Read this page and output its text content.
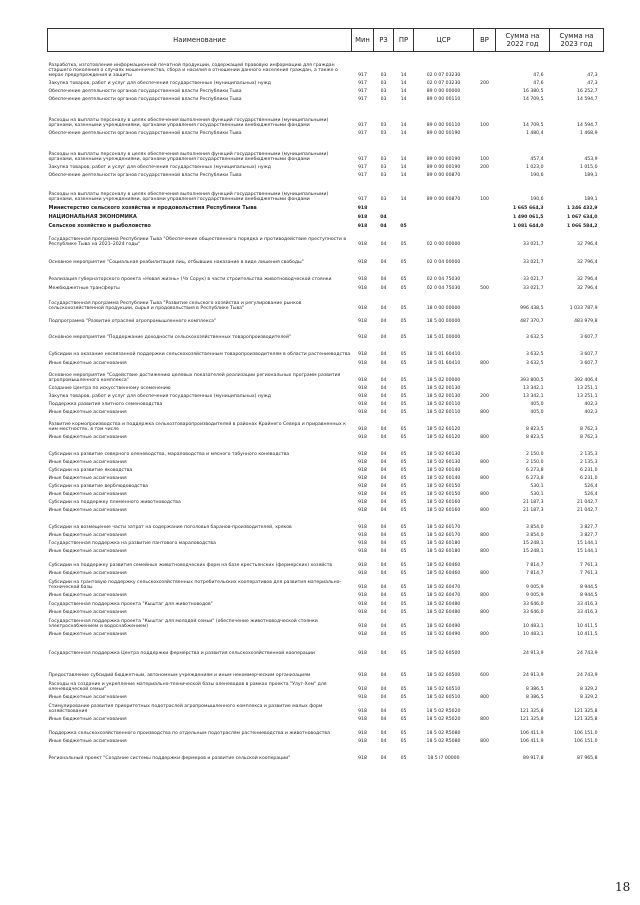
Наименование	Мин	РЗ	ПР	ЦСР	ВР	Сумма на 2022 год	Сумма на 2023 год
Разработка, изготовление информационной печатной продукции, содержащей правовую информацию для граждан старшего поколения о случаях мошенничества, сбора и насилия в отношении данного населения граждан, а также о мерах предупреждения и защиты	917	03	14	02 0 07 03230		47,6	47,3
Закупка товаров, работ и услуг для обеспечения государственных (муниципальных) нужд	917	03	14	02 0 07 03230	200	47,6	47,3
Обеспечение деятельности органов государственной власти Республики Тыва	917	03	14	89 0 00 00000		16 380,5	16 252,7
Обеспечение деятельности органов государственной власти Республики Тыва	917	03	14	89 0 00 00110		14 709,5	14 594,7
Расходы на выплаты персоналу в целях обеспечения выполнения функций государственными (муниципальными) органами, казенными учреждениями, органами управления государственными внебюджетными фондами	917	03	14	89 0 00 00110	100	14 709,5	14 594,7
Обеспечение деятельности органов государственной власти Республики Тыва	917	03	14	89 0 00 00190		1 480,4	1 468,9
Расходы на выплаты персоналу в целях обеспечения выполнения функций государственными (муниципальными) органами, казенными учреждениями, органами управления государственными внебюджетными фондами	917	03	14	89 0 00 00190	100	457,4	453,9
Закупка товаров, работ и услуг для обеспечения государственных (муниципальных) нужд	917	03	14	89 0 00 00190	200	1 023,0	1 015,0
Обеспечение деятельности органов государственной власти Республики Тыва	917	03	14	89 0 00 00870		190,6	189,1
Расходы на выплаты персоналу в целях обеспечения выполнения функций государственными (муниципальными) органами, казенными учреждениями, органами управления государственными внебюджетными фондами	917	03	14	89 0 00 00870	100	190,6	189,1
Министерство сельского хозяйства и продовольствия Республики Тыва	918					1 665 664,3	1 246 432,9
НАЦИОНАЛЬНАЯ ЭКОНОМИКА	918	04				1 490 061,5	1 067 634,0
Сельское хозяйство и рыболовство	918	04	05			1 081 644,0	1 066 584,2
Государственная программа Республики Тыва "Обеспечение общественного порядка и противодействие преступности в Республике Тыва на 2021–2024 годы"	918	04	05	02 0 00 00000		33 021,7	32 796,4
Основное мероприятие "Социальная реабилитация лиц, отбывших наказание в виде лишения свободы"	918	04	05	02 0 04 00000		33 021,7	32 796,4
Реализация губернаторского проекта «Новая жизнь» (Чэ Сорук) в части строительства животноводческой стоянки	918	04	05	02 0 04 75030		33 021,7	32 796,4
Межбюджетные трансферты	918	04	05	02 0 04 75030	500	33 021,7	32 796,4
Государственная программа Республики Тыва "Развитие сельского хозяйства и регулирование рынков сельскохозяйственной продукции, сырья и продовольствия в Республике Тыва"	918	04	05	18 0 00 00000		996 438,5	1 033 787,9
Подпрограмма "Развитие отраслей агропромышленного комплекса"	918	04	05	18 5 00 00000		487 370,7	483 979,8
Основное мероприятие "Поддержание доходности сельскохозяйственных товаропроизводителей"	918	04	05	18 5 01 00000		3 632,5	3 607,7
Субсидии на оказание несвязанной поддержки сельскохозяйственным товаропроизводителям в области растениеводства	918	04	05	18 5 01 60410		3 632,5	3 607,7
Иные бюджетные ассигнования	918	04	05	18 5 01 60410	800	3 632,5	3 607,7
Основное мероприятие "Содействие достижению целевых показателей реализации региональных программ развития агропромышленного комплекса"	918	04	05	18 5 02 00000		393 800,5	392 406,4
Создание Центра по искусственному осеменению	918	04	05	18 5 02 00130		13 342,1	13 251,1
Закупка товаров, работ и услуг для обеспечения государственных (муниципальных) нужд	918	04	05	18 5 02 00130	200	13 342,1	13 251,1
Поддержка развития элитного семеноводства	918	04	05	18 5 02 60110		405,0	402,3
Иные бюджетные ассигнования	918	04	05	18 5 02 60110	800	405,0	402,3
Развитие кормопроизводства и поддержка сельхозтоваропроизводителей в районах Крайнего Севера и приравненных к ним местностях, в том числе	918	04	05	18 5 02 60120		8 823,5	8 762,3
Иные бюджетные ассигнования	918	04	05	18 5 02 60120	800	8 823,5	8 762,3
Субсидии на развитие северного оленеводства, мараловодства и мясного табунного коневодства	918	04	05	18 5 02 60130		2 150,0	2 135,3
Иные бюджетные ассигнования	918	04	05	18 5 02 60130	800	2 150,0	2 135,3
Субсидии на развитие яководства	918	04	05	18 5 02 60140		6 273,8	6 231,0
Иные бюджетные ассигнования	918	04	05	18 5 02 60140	800	6 273,8	6 231,0
Субсидии на развитие верблюдоводства	918	04	05	18 5 02 60150		530,1	526,4
Иные бюджетные ассигнования	918	04	05	18 5 02 60150	800	530,1	526,4
Субсидии на поддержку племенного животноводства	918	04	05	18 5 02 60160		21 187,3	21 042,7
Иные бюджетные ассигнования	918	04	05	18 5 02 60160	800	21 187,3	21 042,7
Субсидии на возмещение части затрат на содержание поголовья баранов-производителей, хряков	918	04	05	18 5 02 60170		3 854,0	3 827,7
Иные бюджетные ассигнования	918	04	05	18 5 02 60170	800	3 854,0	3 827,7
Государственная поддержка на развитие пантового мараловодства	918	04	05	18 5 02 60180		15 248,1	15 144,1
Иные бюджетные ассигнования	918	04	05	18 5 02 60180	800	15 248,1	15 144,1
Субсидии на поддержку развития семейных животноводческих форм на базе крестьянских (фермерских) хозяйств	918	04	05	18 5 02 60460		7 814,7	7 761,3
Иные бюджетные ассигнования	918	04	05	18 5 02 60460	800	7 814,7	7 761,3
Субсидии на грантовую поддержку сельскохозяйственных потребительских кооперативов для развития материально-технической базы	918	04	05	18 5 02 60470		9 005,9	8 944,5
Иные бюджетные ассигнования	918	04	05	18 5 02 60470	800	9 005,9	8 944,5
Государственная поддержка проекта "Кыштаг для животноводов"	918	04	05	18 5 02 60480		33 646,0	33 416,3
Иные бюджетные ассигнования	918	04	05	18 5 02 60480	800	33 646,0	33 416,3
Государственная поддержка проекта "Кыштаг для молодой семьи" (обеспечение животноводческой стоянки электроснабжением и водоснабжением)	918	04	05	18 5 02 60490		10 483,1	10 411,5
Иные бюджетные ассигнования	918	04	05	18 5 02 60490	800	10 483,1	10 411,5
Государственная поддержка Центра поддержки фермерства и развития сельскохозяйственной кооперации	918	04	05	18 5 02 60500		24 913,9	24 743,9
Предоставление субсидий бюджетным, автономным учреждениям и иным некоммерческим организациям	918	04	05	18 5 02 60500	600	24 913,9	24 743,9
Расходы на создание и укрепление материально-технической базы оленеводов в рамках проекта "Улуг-Хем" для оленеводческой семьи"	918	04	05	18 5 02 60510		8 386,5	8 329,2
Иные бюджетные ассигнования	918	04	05	18 5 02 60510	800	8 386,5	8 329,2
Стимулирование развития приоритетных подотраслей агропромышленного комплекса и развитие малых форм хозяйствования	918	04	05	18 5 02 R5020		121 325,8	121 325,8
Иные бюджетные ассигнования	918	04	05	18 5 02 R5020	800	121 325,8	121 325,8
Поддержка сельскохозяйственного производства по отдельным подотраслям растениеводства и животноводства	918	04	05	18 5 02 R5080		106 411,9	106 151,0
Иные бюджетные ассигнования	918	04	05	18 5 02 R5080	800	106 411,9	106 151,0
Региональный проект "Создание системы поддержки фермеров и развитие сельской кооперации"	918	04	05	18 5 I7 00000		89 917,8	87 965,8
18
